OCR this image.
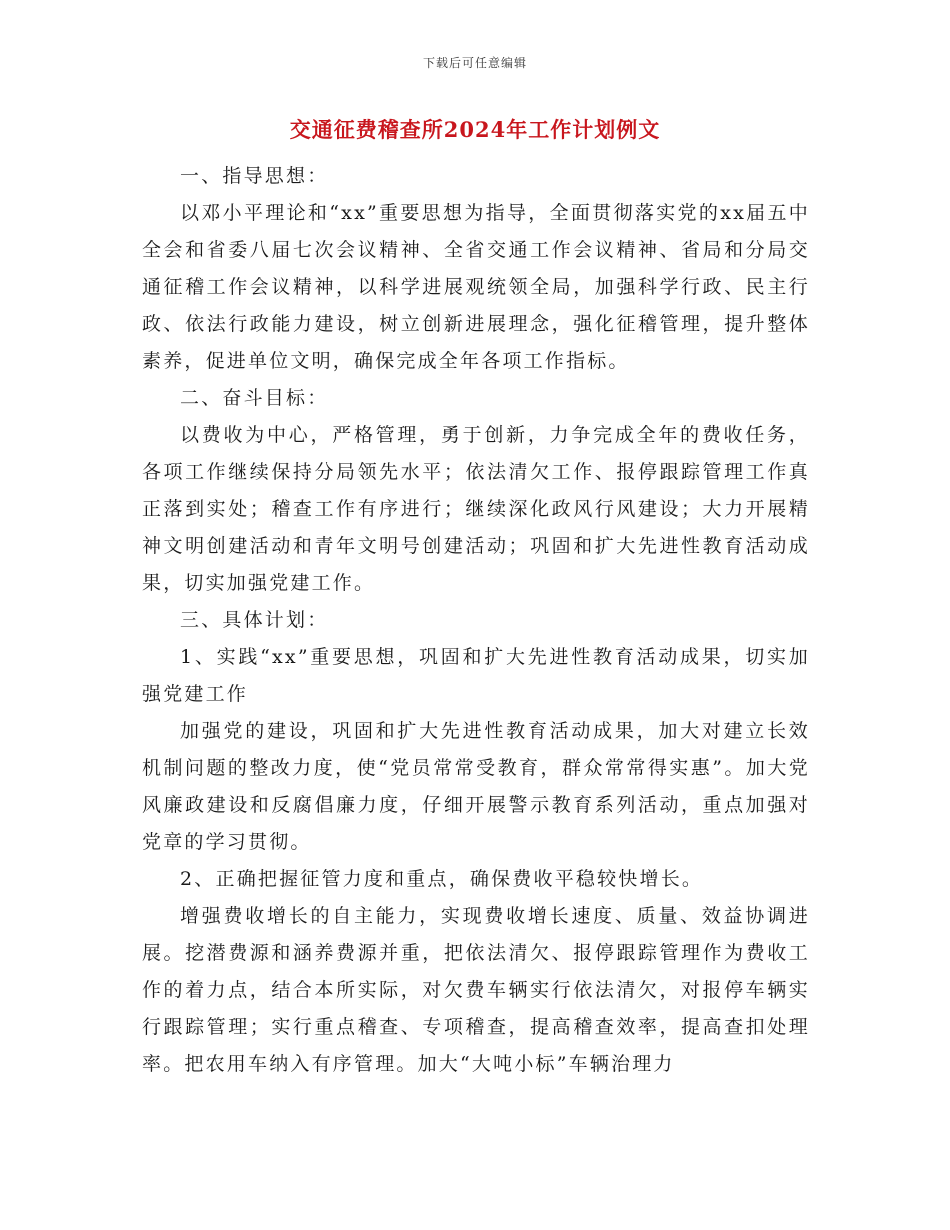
下载后可任意编辑
交通征费稽查所2024年工作计划例文

一、指导思想：

以邓小平理论和“xx”重要思想为指导，全面贯彻落实党的xx届五中全会和省委八届七次会议精神、全省交通工作会议精神、省局和分局交通征稽工作会议精神，以科学进展观统领全局，加强科学行政、民主行政、依法行政能力建设，树立创新进展理念，强化征稽管理，提升整体素养，促进单位文明，确保完成全年各项工作指标。

二、奋斗目标：

以费收为中心，严格管理，勇于创新，力争完成全年的费收任务，各项工作继续保持分局领先水平；依法清欠工作、报停跟踪管理工作真正落到实处；稽查工作有序进行；继续深化政风行风建设；大力开展精神文明创建活动和青年文明号创建活动；巩固和扩大先进性教育活动成果，切实加强党建工作。

三、具体计划：

1、实践“xx”重要思想，巩固和扩大先进性教育活动成果，切实加强党建工作

加强党的建设，巩固和扩大先进性教育活动成果，加大对建立长效机制问题的整改力度，使“党员常常受教育，群众常常得实惠”。加大党风廉政建设和反腐倡廉力度，仔细开展警示教育系列活动，重点加强对党章的学习贯彻。

2、正确把握征管力度和重点，确保费收平稳较快增长。

增强费收增长的自主能力，实现费收增长速度、质量、效益协调进展。挖潜费源和涵养费源并重，把依法清欠、报停跟踪管理作为费收工作的着力点，结合本所实际，对欠费车辆实行依法清欠，对报停车辆实行跟踪管理；实行重点稽查、专项稽查，提高稽查效率，提高查扣处理率。把农用车纳入有序管理。加大“大吨小标”车辆治理力
